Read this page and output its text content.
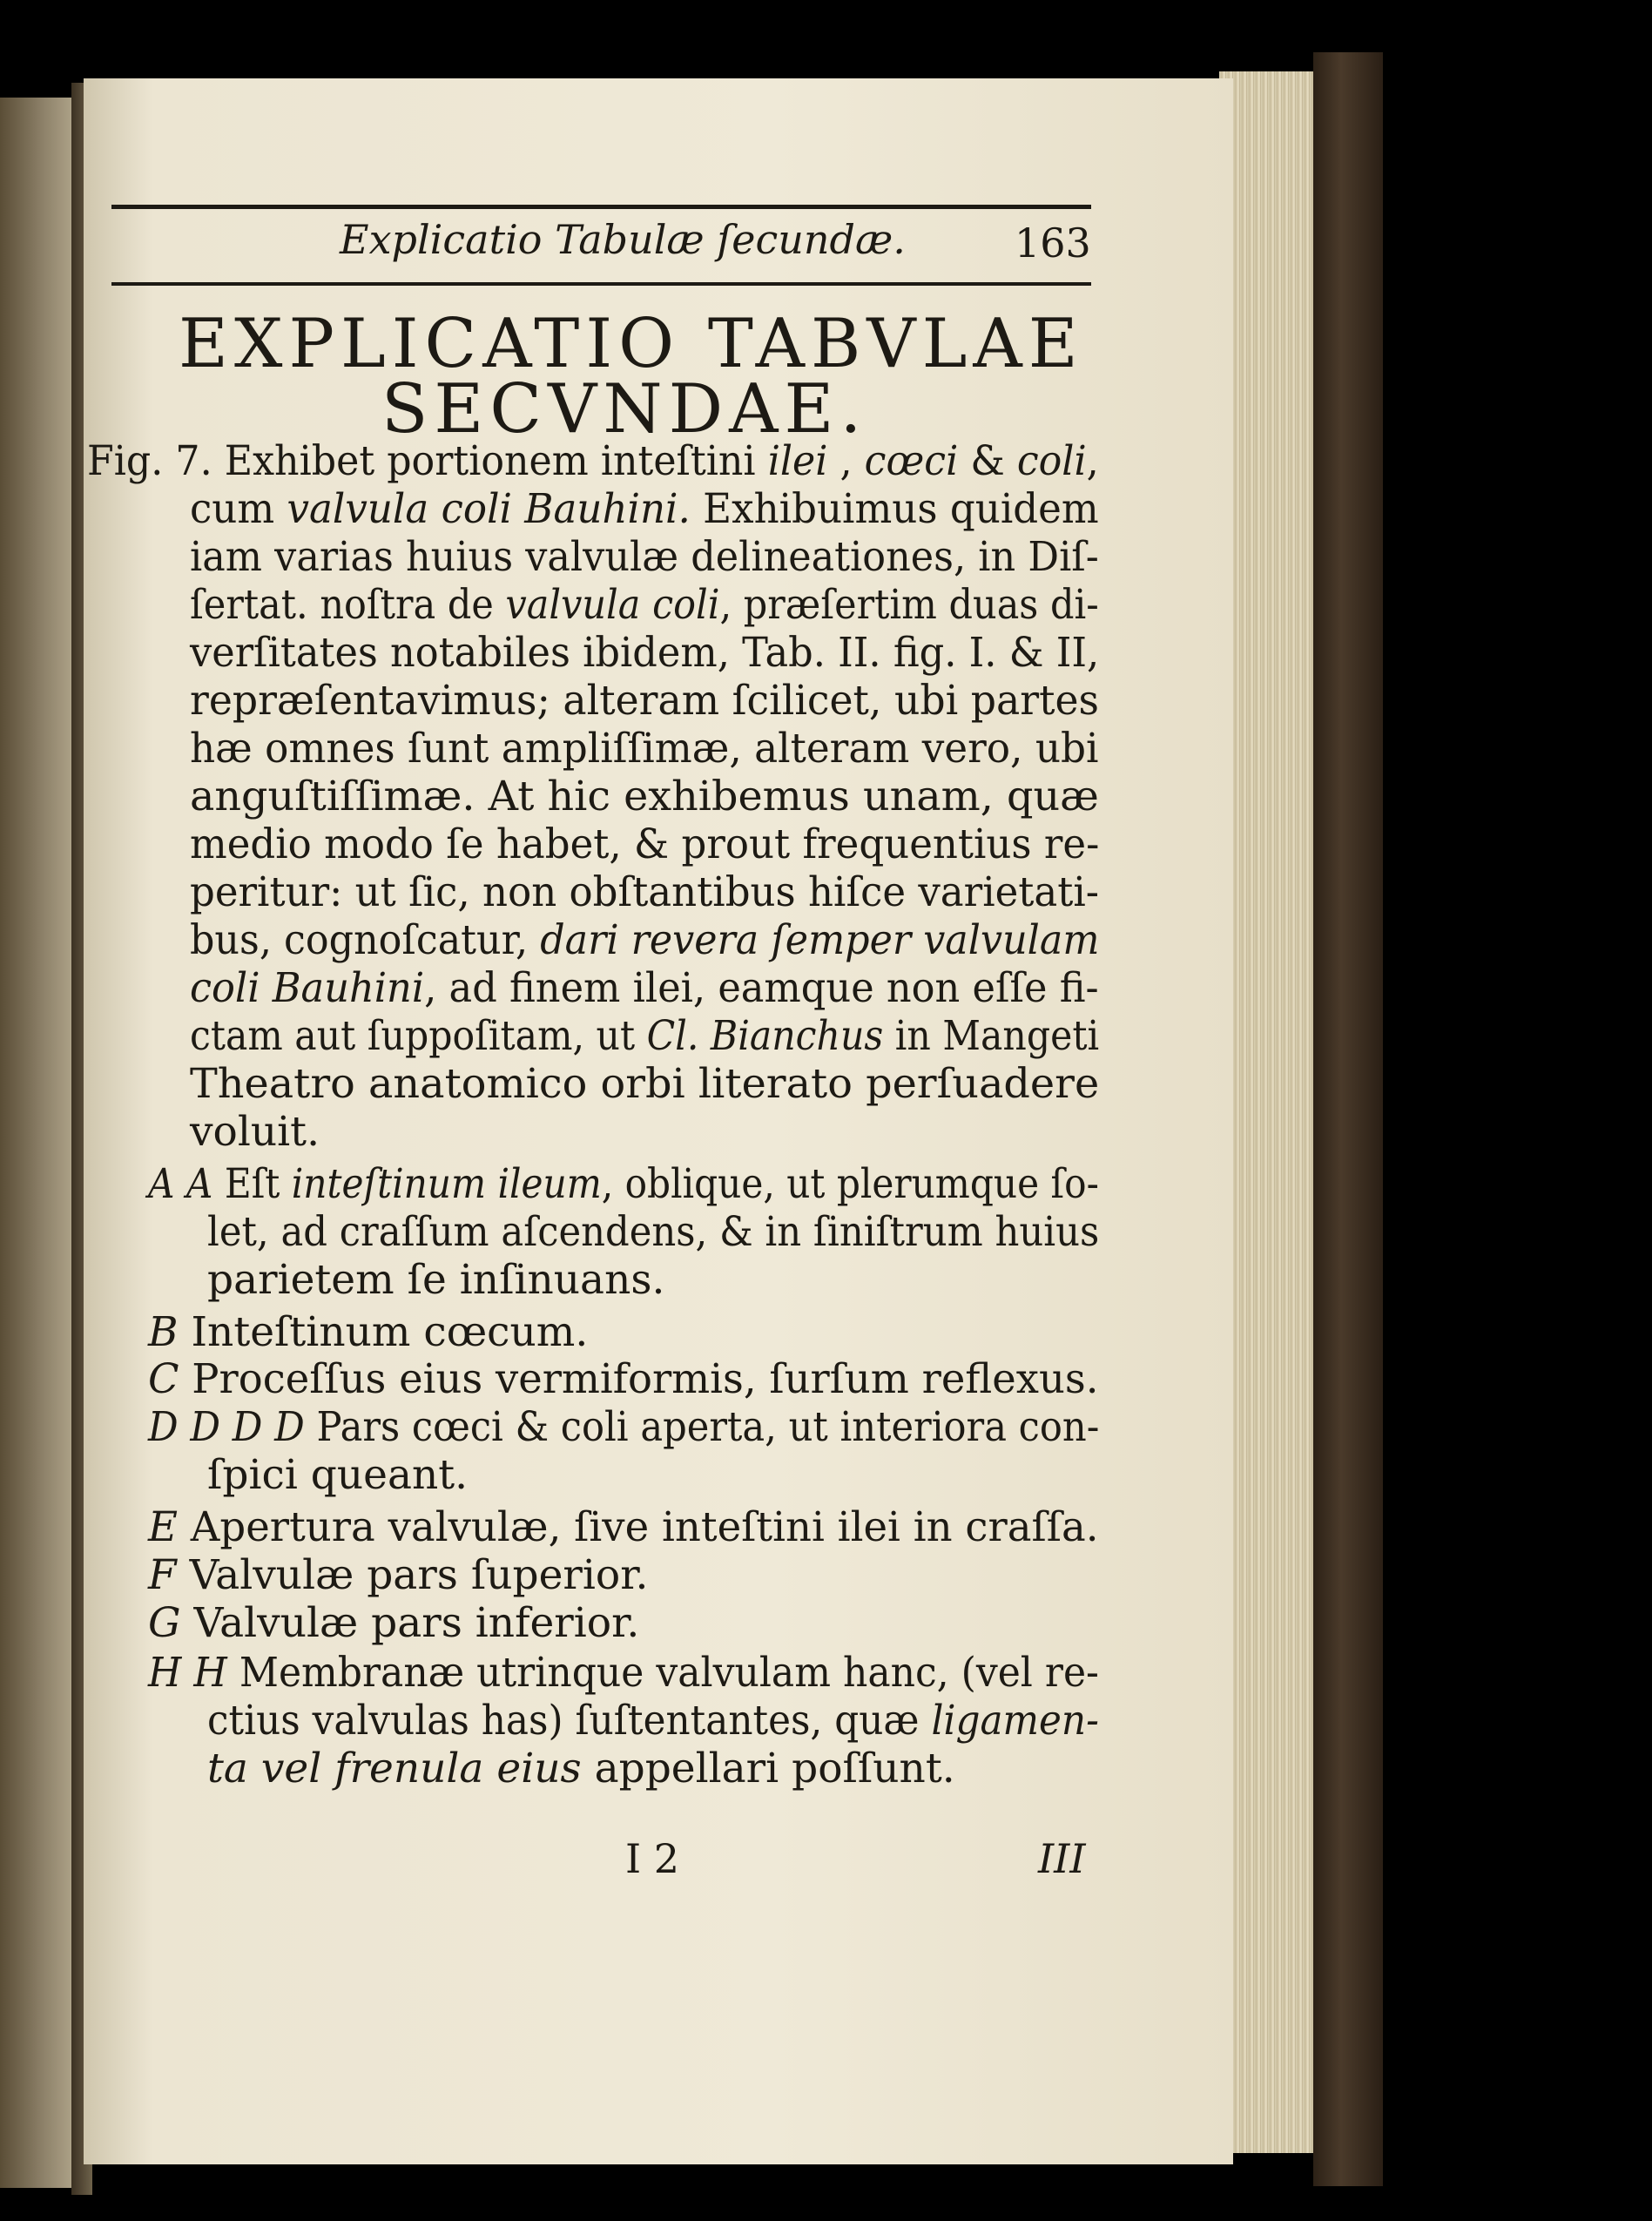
Explicatio Tabulæ ſecundæ.	163
EXPLICATIO TABVLAE
SECVNDAE.
Fig. 7. Exhibet portionem inteſtini ilei , cœci & coli,
cum valvula coli Bauhini. Exhibuimus quidem
iam varias huius valvulæ delineationes, in Diſ-
ſertat. noſtra de valvula coli, præſertim duas di-
verſitates notabiles ibidem, Tab. II. fig. I. & II,
repræſentavimus; alteram ſcilicet, ubi partes
hæ omnes ſunt ampliſſimæ, alteram vero, ubi
anguſtiſſimæ. At hic exhibemus unam, quæ
medio modo ſe habet, & prout frequentius re-
peritur: ut ſic, non obſtantibus hiſce varietati-
bus, cognoſcatur, dari revera ſemper valvulam
coli Bauhini, ad finem ilei, eamque non eſſe fi-
ctam aut ſuppoſitam, ut Cl. Bianchus in Mangeti
Theatro anatomico orbi literato perſuadere
voluit.
A A Eſt inteſtinum ileum, oblique, ut plerumque ſo-
let, ad craſſum aſcendens, & in ſiniſtrum huius
parietem ſe inſinuans.
B Inteſtinum cœcum.
C Proceſſus eius vermiformis, ſurſum reflexus.
D D D D Pars cœci & coli aperta, ut interiora con-
ſpici queant.
E Apertura valvulæ, ſive inteſtini ilei in craſſa.
F Valvulæ pars ſuperior.
G Valvulæ pars inferior.
H H Membranæ utrinque valvulam hanc, (vel re-
ctius valvulas has) ſuſtentantes, quæ ligamen-
ta vel frenula eius appellari poſſunt.
I 2	III
